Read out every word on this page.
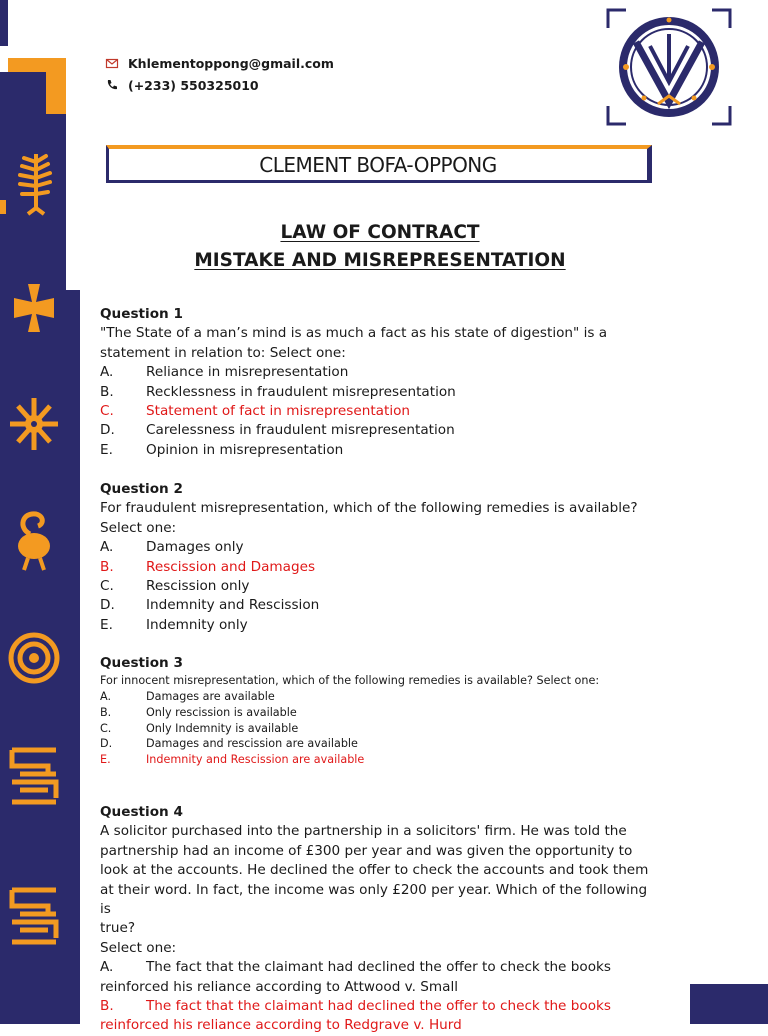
Khlementoppong@gmail.com
(+233) 550325010
CLEMENT BOFA-OPPONG
LAW OF CONTRACT
MISTAKE AND MISREPRESENTATION
Question 1
"The State of a man’s mind is as much a fact as his state of digestion" is a
statement in relation to: Select one:
A.	Reliance in misrepresentation
B.	Recklessness in fraudulent misrepresentation
C.	Statement of fact in misrepresentation
D.	Carelessness in fraudulent misrepresentation
E.	Opinion in misrepresentation
Question 2
For fraudulent misrepresentation, which of the following remedies is available?
Select one:
A.	Damages only
B.	Rescission and Damages
C.	Rescission only
D.	Indemnity and Rescission
E.	Indemnity only
Question 3
For innocent misrepresentation, which of the following remedies is available? Select one:
A.	Damages are available
B.	Only rescission is available
C.	Only Indemnity is available
D.	Damages and rescission are available
E.	Indemnity and Rescission are available
Question 4
A solicitor purchased into the partnership in a solicitors' firm. He was told the
partnership had an income of £300 per year and was given the opportunity to
look at the accounts. He declined the offer to check the accounts and took them
at their word. In fact, the income was only £200 per year. Which of the following is
true?
Select one:
A.	The fact that the claimant had declined the offer to check the books
reinforced his reliance according to Attwood v. Small
B.	The fact that the claimant had declined the offer to check the books
reinforced his reliance according to Redgrave v. Hurd
